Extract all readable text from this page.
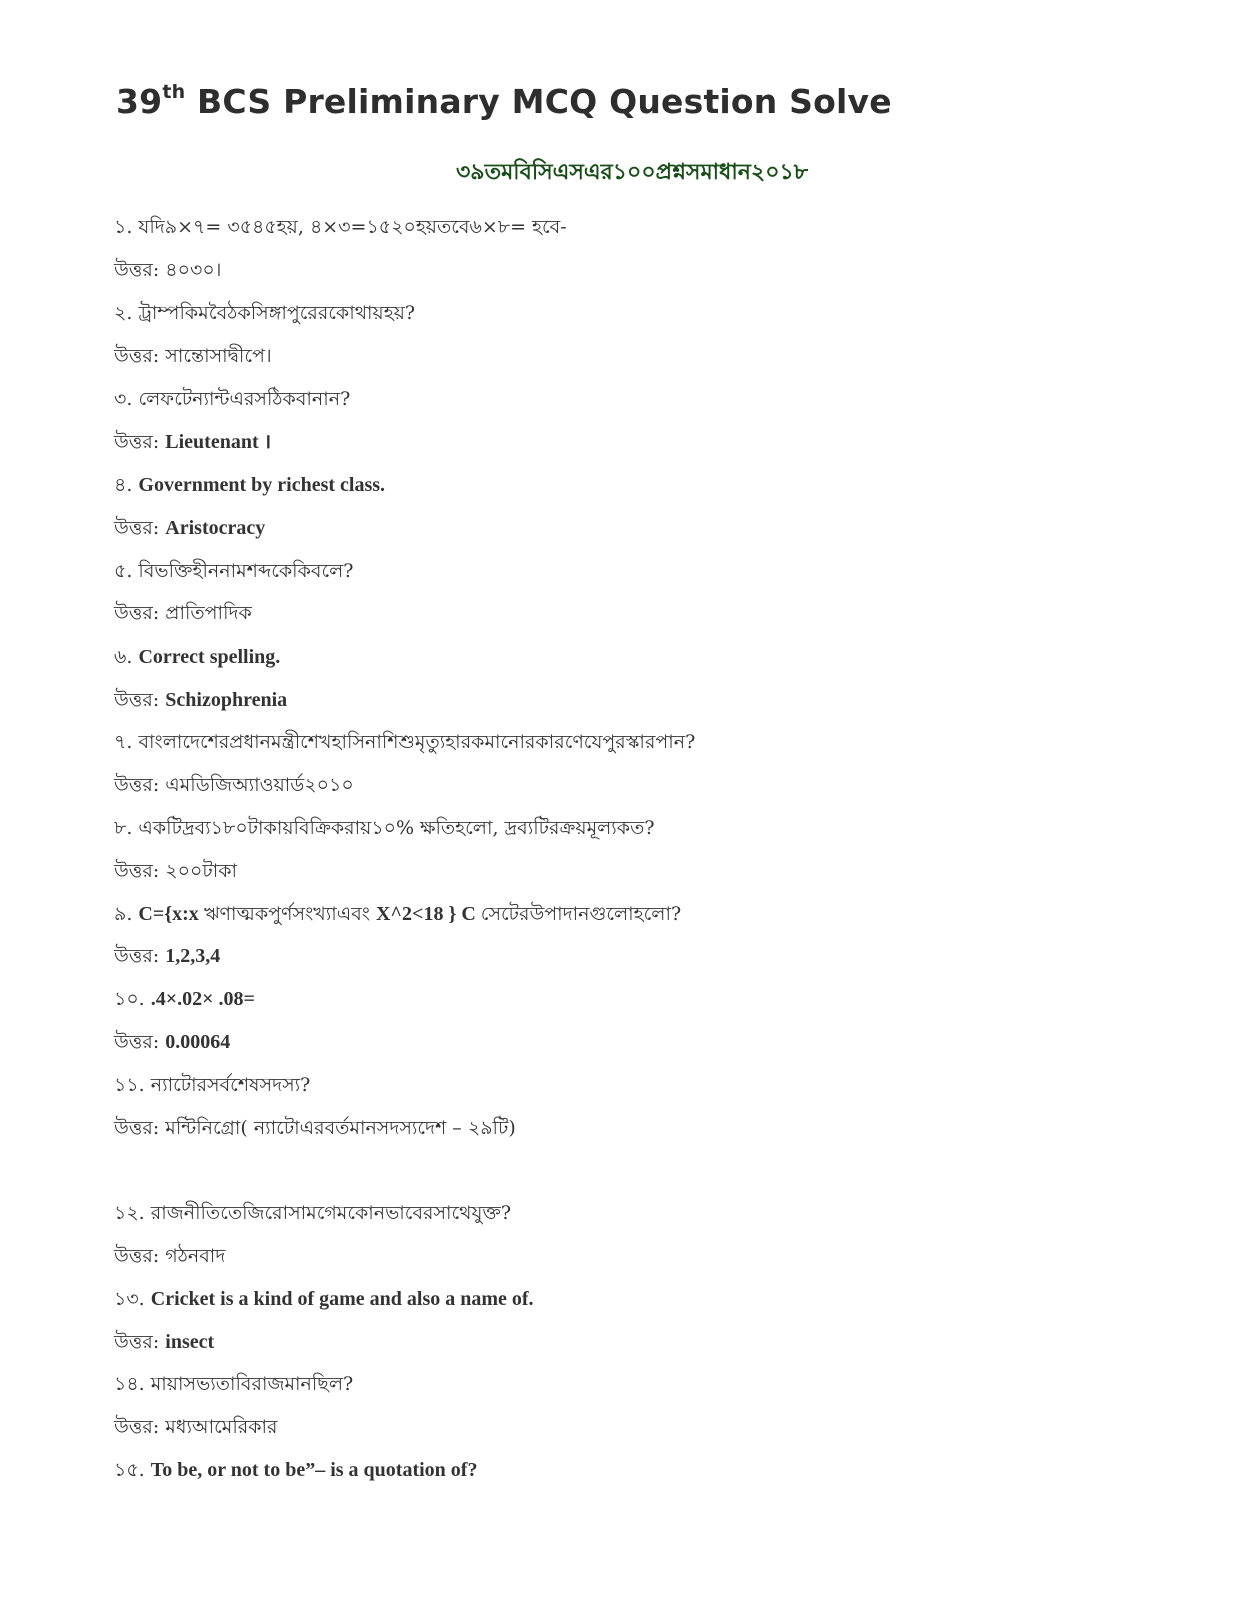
39th BCS Preliminary MCQ Question Solve
৩৯তমবিসিএসএর১০০প্রশ্নসমাধান২০১৮
১. যদি৯×৭= ৩৫৪৫হয়, ৪×৩=১৫২০হয়তবে৬×৮= হবে-
উত্তর: ৪০৩০।
২. ট্রাম্পকিমবৈঠকসিঙ্গাপুরেরকোথায়হয়?
উত্তর: সান্তোসাদ্বীপে।
৩. লেফটেন্যান্টএরসঠিকবানান?
উত্তর: Lieutenant ।
৪. Government by richest class.
উত্তর: Aristocracy
৫. বিভক্তিহীননামশব্দকেকিবলে?
উত্তর: প্রাতিপাদিক
৬. Correct spelling.
উত্তর: Schizophrenia
৭. বাংলাদেশেরপ্রধানমন্ত্রীশেখহাসিনাশিশুমৃত্যুহারকমানোরকারণেযেপুরস্কারপান?
উত্তর: এমডিজিঅ্যাওয়ার্ড২০১০
৮. একটিদ্রব্য১৮০টাকায়বিক্রিকরায়১০% ক্ষতিহলো, দ্রব্যটিরক্রয়মূল্যকত?
উত্তর: ২০০টাকা
৯. C={x:x ঋণাত্মকপুর্ণসংখ্যাএবং X^2<18 } C সেটেরউপাদানগুলোহলো?
উত্তর: 1,2,3,4
১০. .4×.02× .08=
উত্তর: 0.00064
১১. ন্যাটোরসর্বশেষসদস্য?
উত্তর: মন্টিনিগ্রো( ন্যাটোএরবর্তমানসদস্যদেশ – ২৯টি)
১২. রাজনীতিতেজিরোসামগেমকোনভাবেরসাথেযুক্ত?
উত্তর: গঠনবাদ
১৩. Cricket is a kind of game and also a name of.
উত্তর: insect
১৪. মায়াসভ্যতাবিরাজমানছিল?
উত্তর: মধ্যআমেরিকার
১৫. To be, or not to be”– is a quotation of?
